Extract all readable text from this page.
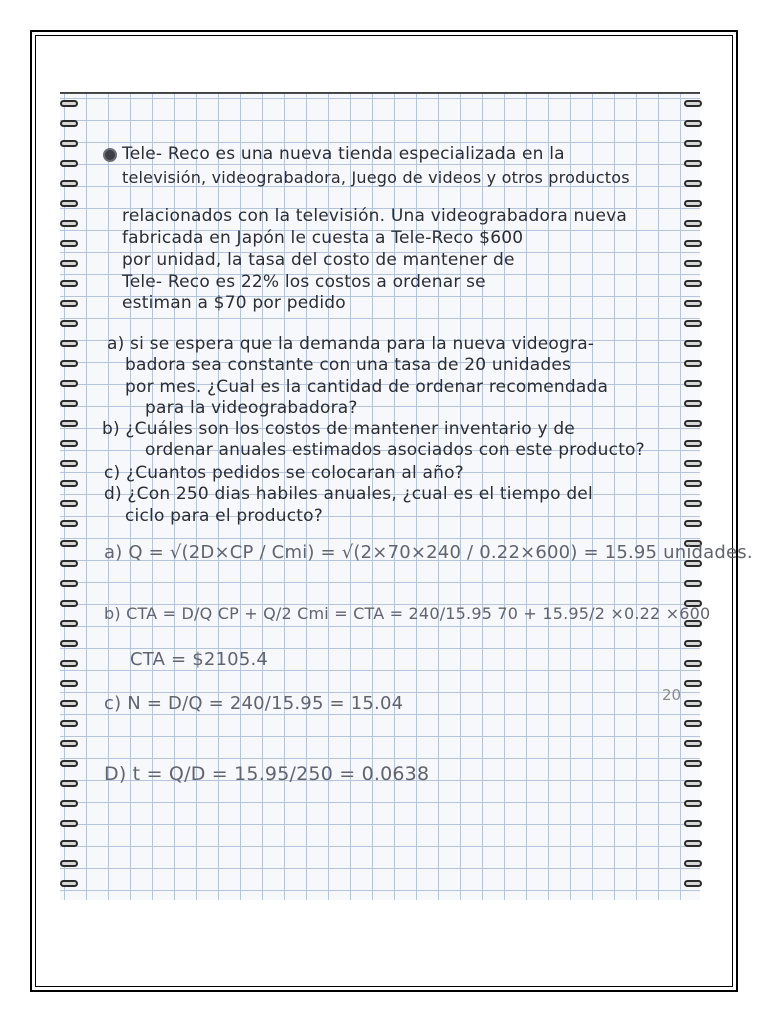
Tele- Reco es una nueva tienda especializada en la
televisión, videograbadora, Juego de videos y otros productos
relacionados con la televisión. Una videograbadora nueva
fabricada en Japón le cuesta a Tele-Reco $600
por unidad, la tasa del costo de mantener de
Tele- Reco es 22% los costos a ordenar se
estiman a $70 por pedido
a) si se espera que la demanda para la nueva videogra-
badora sea constante con una tasa de 20 unidades
por mes. ¿Cual es la cantidad de ordenar recomendada
para la videograbadora?
b) ¿Cuáles son los costos de mantener inventario y de
ordenar anuales estimados asociados con este producto?
c) ¿Cuantos pedidos se colocaran al año?
d) ¿Con 250 dias habiles anuales, ¿cual es el tiempo del
ciclo para el producto?
a) Q = √(2D×CP / Cmi) = √(2×70×240 / 0.22×600) = 15.95 unidades.
b) CTA = D/Q CP + Q/2 Cmi = CTA = 240/15.95 70 + 15.95/2 ×0.22 ×600
CTA = $2105.4
c) N = D/Q = 240/15.95 = 15.04
D) t = Q/D = 15.95/250 = 0.0638
20
